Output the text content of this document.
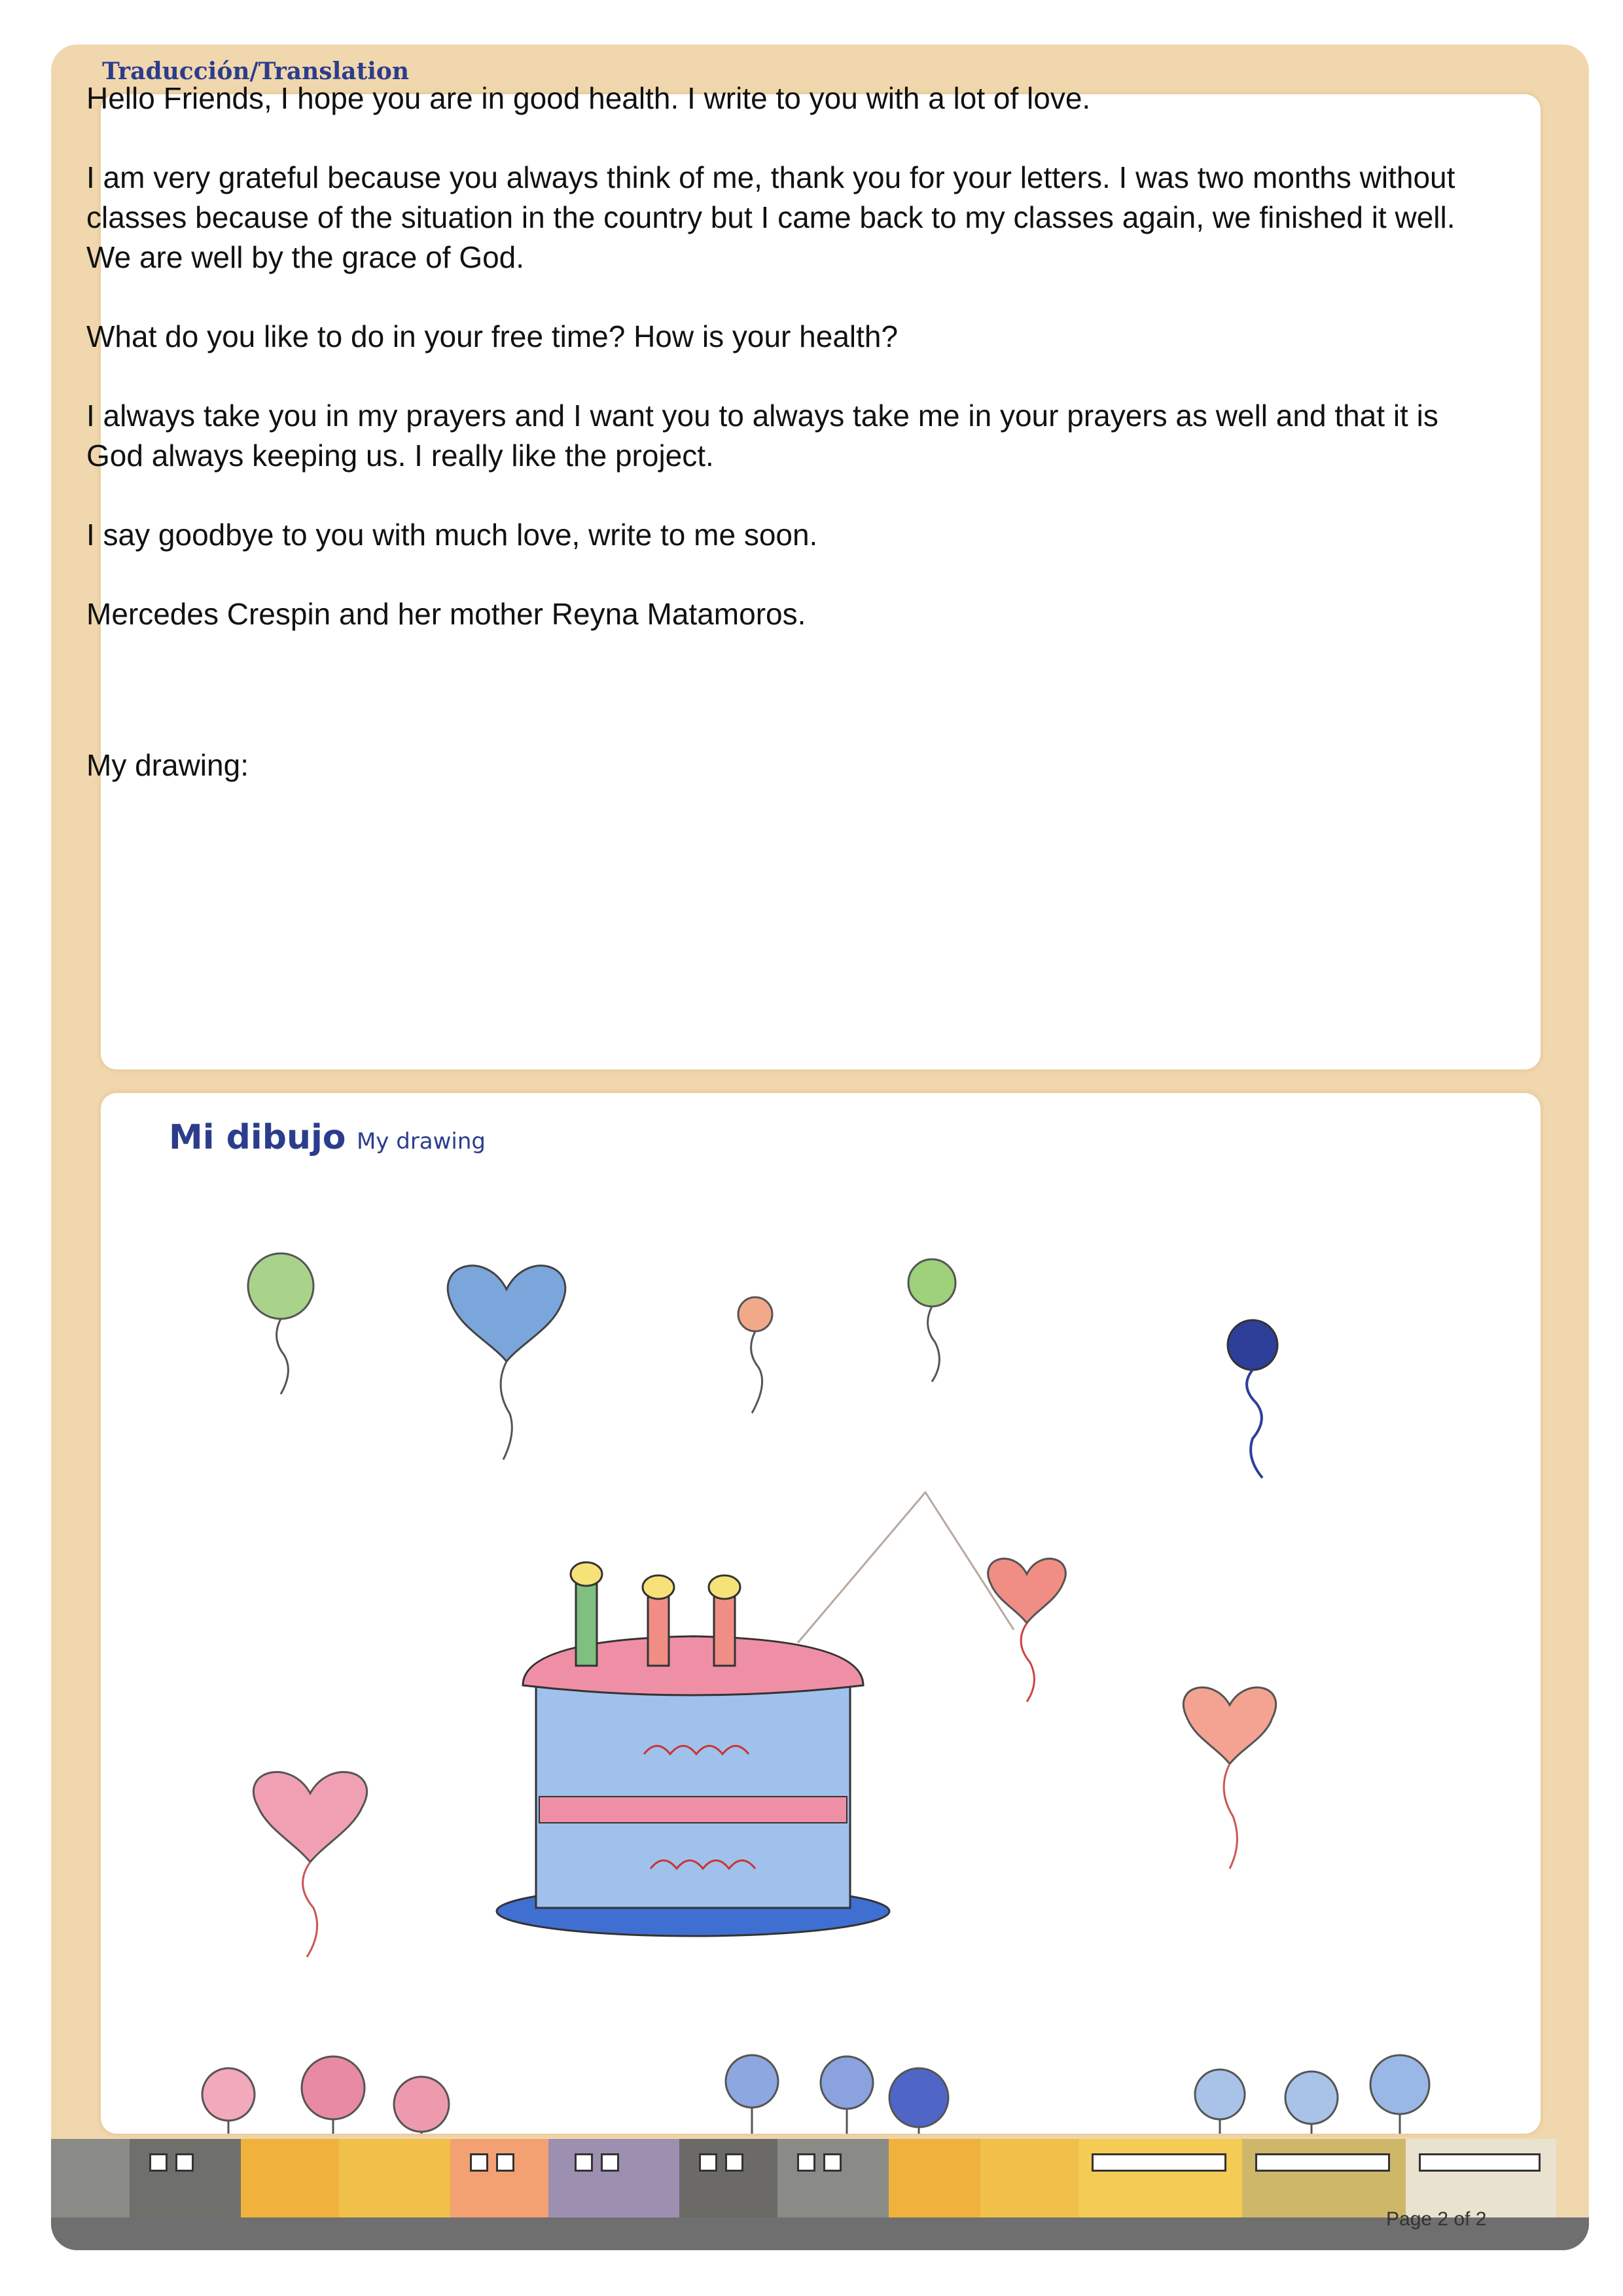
Traducción/Translation
Mi dibujo My drawing

Hello Friends, I hope you are in good health. I write to you with a lot of love.

I am very grateful because you always think of me, thank you for your letters. I was two months without classes because of the situation in the country but I came back to my classes again, we finished it well. We are well by the grace of God.

What do you like to do in your free time? How is your health?

I always take you in my prayers and I want you to always take me in your prayers as well and that it is God always keeping us. I really like the project.

I say goodbye to you with much love, write to me soon.

Mercedes Crespin and her mother Reyna Matamoros.

My drawing:

Page 2 of 2
